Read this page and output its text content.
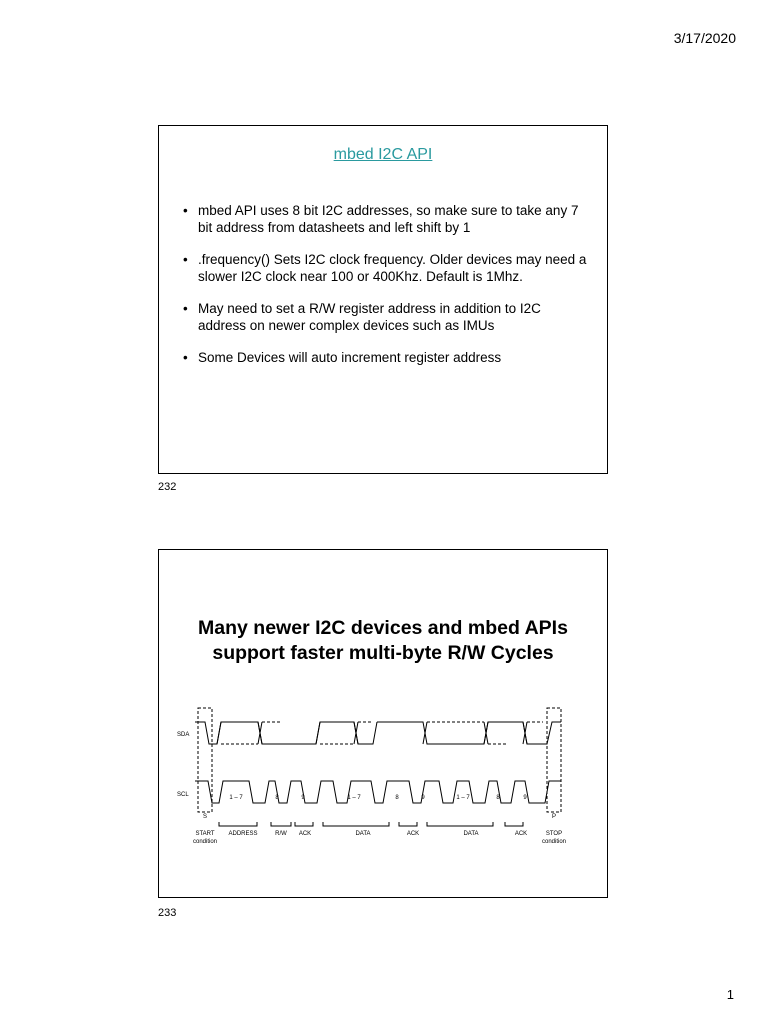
3/17/2020
mbed I2C API
• mbed API uses 8 bit I2C addresses, so make sure to take any 7 bit address from datasheets and left shift by 1
• .frequency() Sets I2C clock frequency. Older devices may need a slower I2C clock near 100 or 400Khz. Default is 1Mhz.
• May need to set a R/W register address in addition to I2C address on newer complex devices such as IMUs
• Some Devices will auto increment register address
232
Many newer I2C devices and mbed APIs
support faster multi-byte R/W Cycles
SDA
SCL
S	P
1 – 7	8	9	1 – 7	8	9	1 – 7	8	9
START
condition
ADDRESS	R/W ACK	DATA	ACK	DATA	ACK	STOP
condition
233
1
